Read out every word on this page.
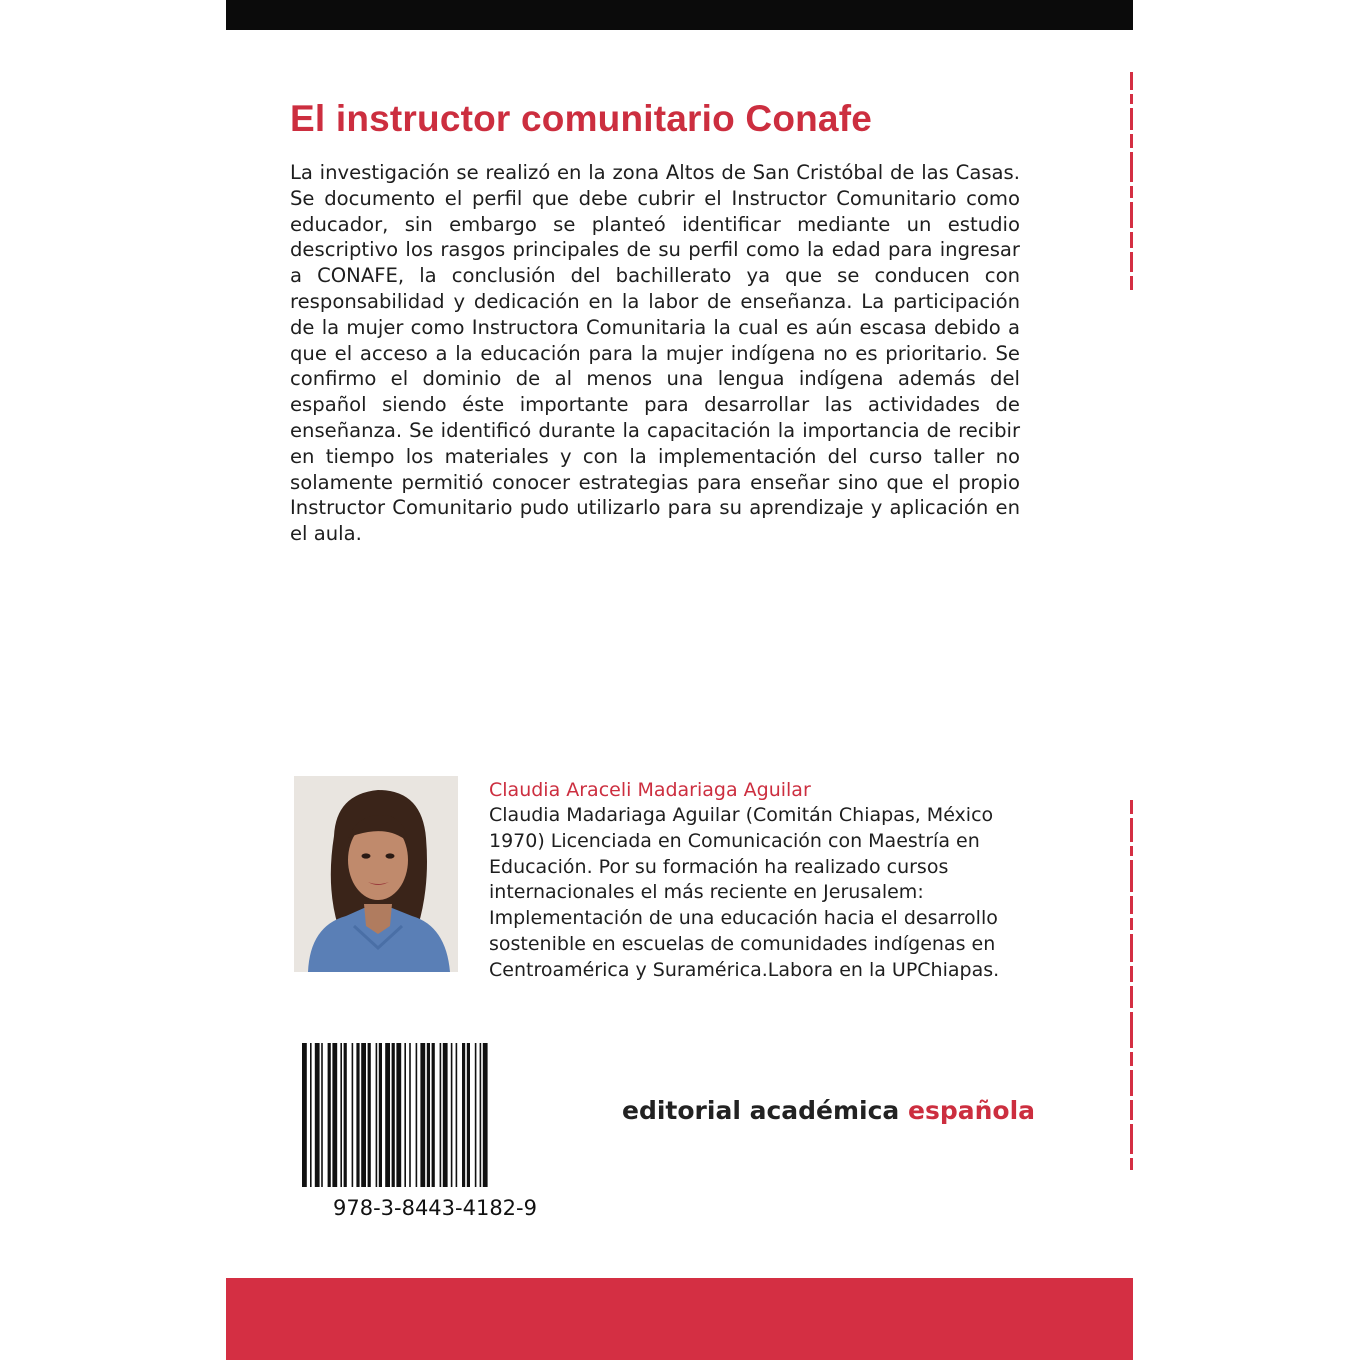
El instructor comunitario Conafe

La investigación se realizó en la zona Altos de San Cristóbal de las Casas. Se documento el perfil que debe cubrir el Instructor Comunitario como educador, sin embargo se planteó identificar mediante un estudio descriptivo los rasgos principales de su perfil como la edad para ingresar a CONAFE, la conclusión del bachillerato ya que se conducen con responsabilidad y dedicación en la labor de enseñanza. La participación de la mujer como Instructora Comunitaria la cual es aún escasa debido a que el acceso a la educación para la mujer indígena no es prioritario. Se confirmo el dominio de al menos una lengua indígena además del español siendo éste importante para desarrollar las actividades de enseñanza. Se identificó durante la capacitación la importancia de recibir en tiempo los materiales y con la implementación del curso taller no solamente permitió conocer estrategias para enseñar sino que el propio Instructor Comunitario pudo utilizarlo para su aprendizaje y aplicación en el aula.

Claudia Araceli Madariaga Aguilar

Claudia Madariaga Aguilar (Comitán Chiapas, México 1970) Licenciada en Comunicación con Maestría en Educación. Por su formación ha realizado cursos internacionales el más reciente en Jerusalem: Implementación de una educación hacia el desarrollo sostenible en escuelas de comunidades indígenas en Centroamérica y Suramérica.Labora en la UPChiapas.

978-3-8443-4182-9

editorial académica española
